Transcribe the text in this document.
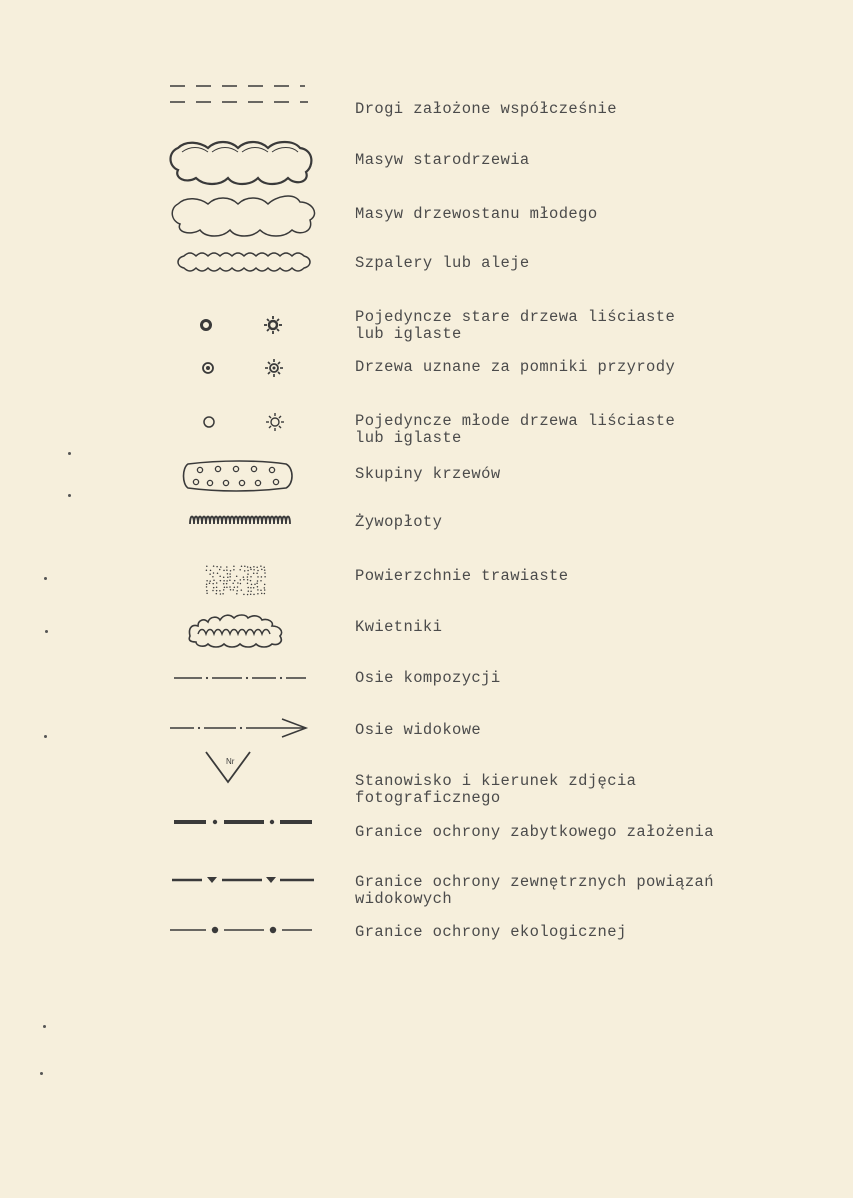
Drogi założone współcześnie
Masyw starodrzewia
Masyw drzewostanu młodego
Szpalery lub aleje
Pojedyncze stare drzewa liściaste
lub iglaste
Drzewa uznane za pomniki przyrody
Pojedyncze młode drzewa liściaste
lub iglaste
Skupiny krzewów
Żywopłoty
Powierzchnie trawiaste
Kwietniki
Osie kompozycji
Osie widokowe
Nr
Stanowisko i kierunek zdjęcia
fotograficznego
Granice ochrony zabytkowego założenia
Granice ochrony zewnętrznych powiązań
widokowych
Granice ochrony ekologicznej
